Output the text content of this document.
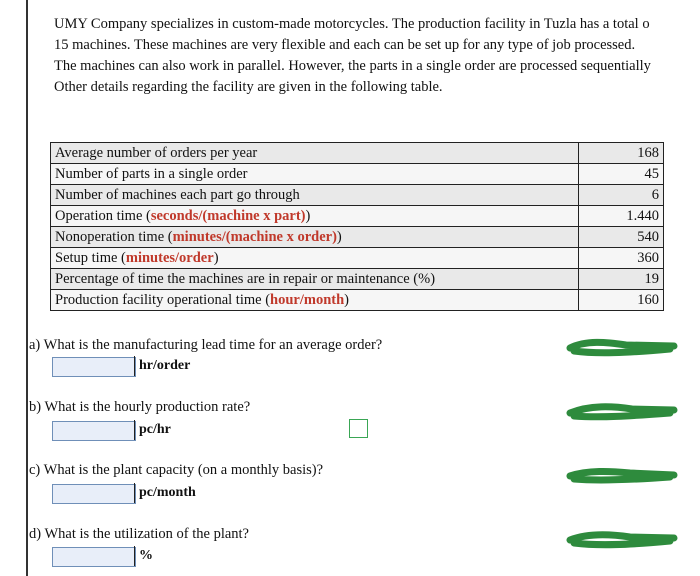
UMY Company specializes in custom-made motorcycles. The production facility in Tuzla has a total o
15 machines. These machines are very flexible and each can be set up for any type of job processed.
The machines can also work in parallel. However, the parts in a single order are processed sequentially
Other details regarding the facility are given in the following table.
Average number of orders per year	168
Number of parts in a single order	45
Number of machines each part go through	6
Operation time (seconds/(machine x part))	1.440
Nonoperation time (minutes/(machine x order))	540
Setup time (minutes/order)	360
Percentage of time the machines are in repair or maintenance (%)	19
Production facility operational time (hour/month)	160
a) What is the manufacturing lead time for an average order?
hr/order
b) What is the hourly production rate?
pc/hr
c) What is the plant capacity (on a monthly basis)?
pc/month
d) What is the utilization of the plant?
%
